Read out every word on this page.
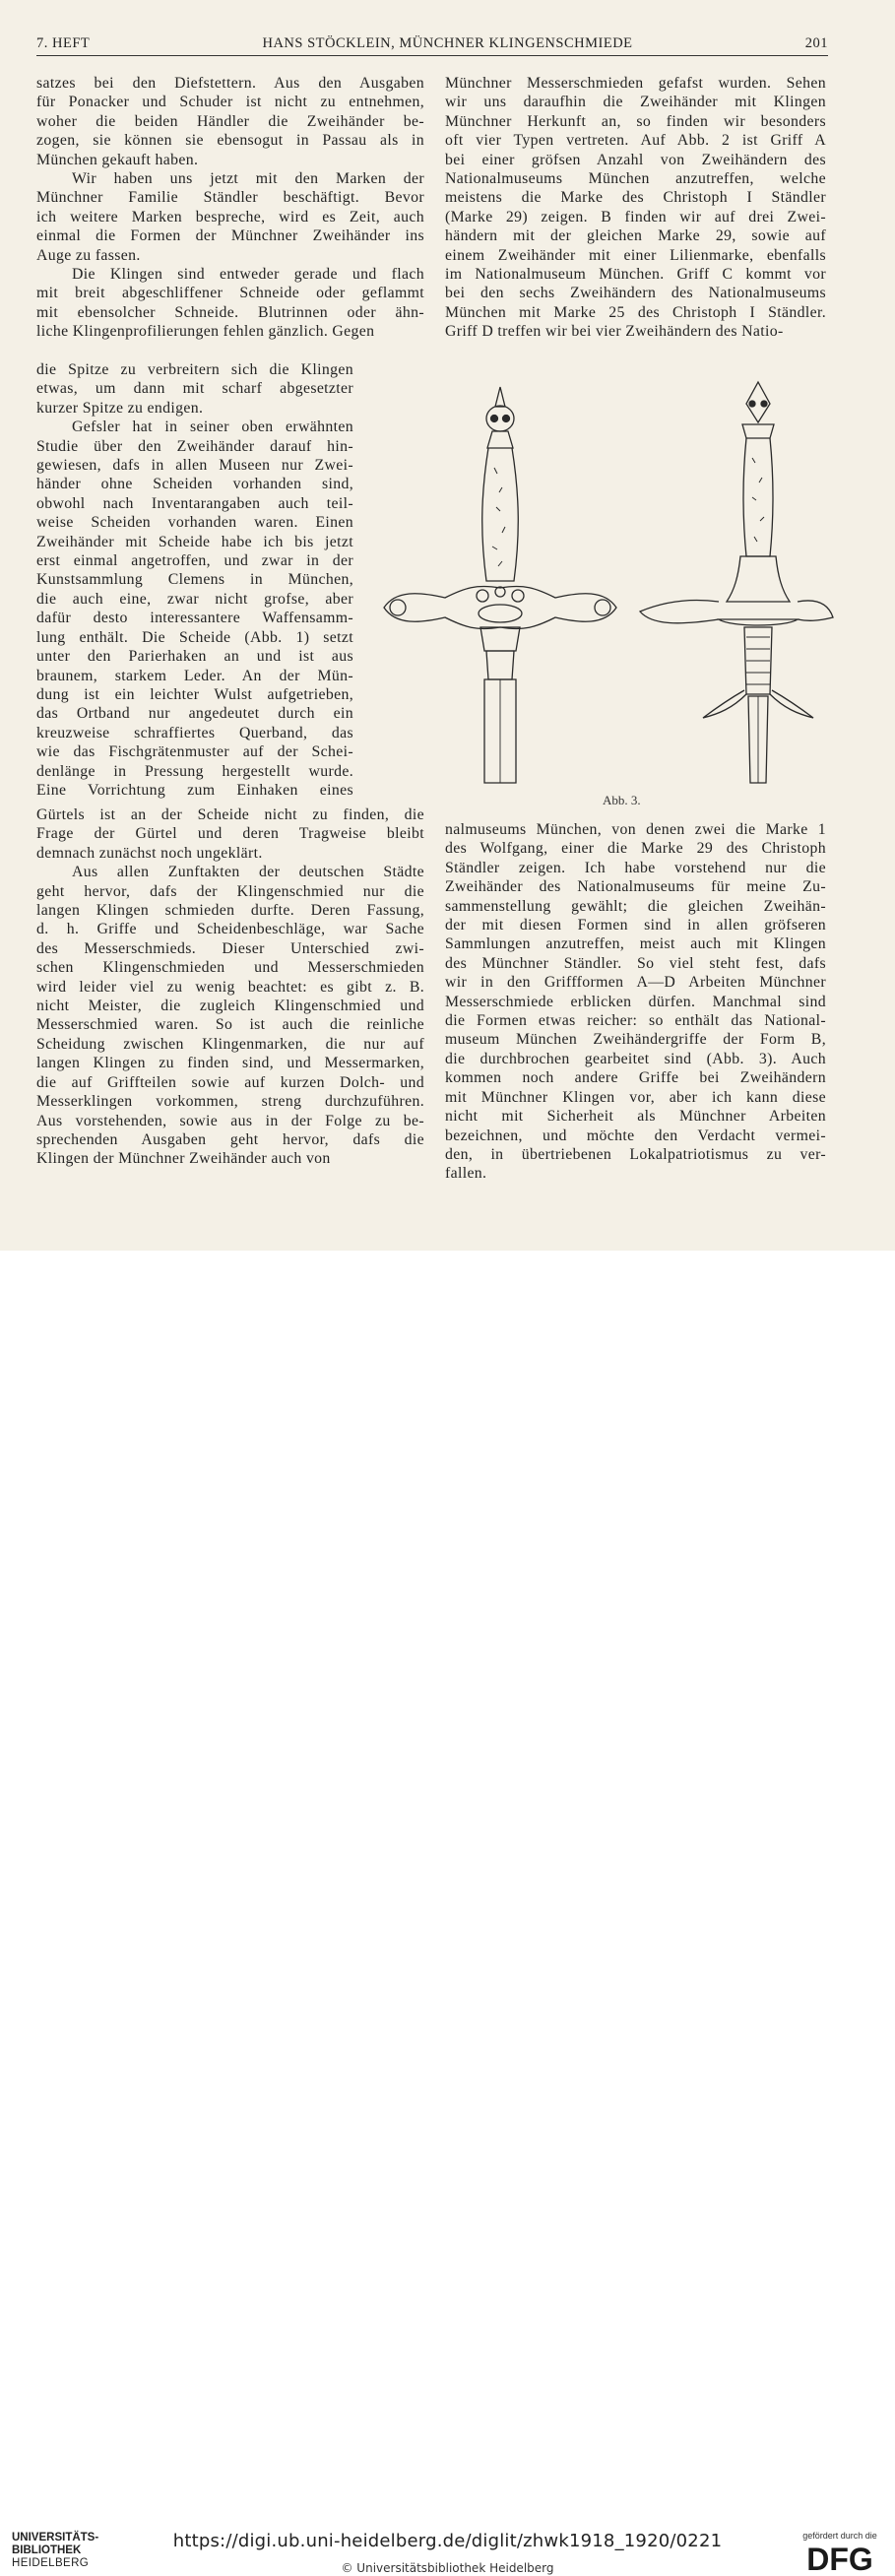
7. HEFT	HANS STÖCKLEIN, MÜNCHNER KLINGENSCHMIEDE	201
satzes bei den Diefstettern. Aus den Ausgaben
für Ponacker und Schuder ist nicht zu entnehmen,
woher die beiden Händler die Zweihänder be-
zogen, sie können sie ebensogut in Passau als in
München gekauft haben.
Wir haben uns jetzt mit den Marken der
Münchner Familie Ständler beschäftigt. Bevor
ich weitere Marken bespreche, wird es Zeit, auch
einmal die Formen der Münchner Zweihänder ins
Auge zu fassen.
Die Klingen sind entweder gerade und flach
mit breit abgeschliffener Schneide oder geflammt
mit ebensolcher Schneide. Blutrinnen oder ähn-
liche Klingenprofilierungen fehlen gänzlich. Gegen
die Spitze zu verbreitern sich die Klingen
etwas, um dann mit scharf abgesetzter
kurzer Spitze zu endigen.
Gefsler hat in seiner oben erwähnten
Studie über den Zweihänder darauf hin-
gewiesen, dafs in allen Museen nur Zwei-
händer ohne Scheiden vorhanden sind,
obwohl nach Inventarangaben auch teil-
weise Scheiden vorhanden waren. Einen
Zweihänder mit Scheide habe ich bis jetzt
erst einmal angetroffen, und zwar in der
Kunstsammlung Clemens in München,
die auch eine, zwar nicht grofse, aber
dafür desto interessantere Waffensamm-
lung enthält. Die Scheide (Abb. 1) setzt
unter den Parierhaken an und ist aus
braunem, starkem Leder. An der Mün-
dung ist ein leichter Wulst aufgetrieben,
das Ortband nur angedeutet durch ein
kreuzweise schraffiertes Querband, das
wie das Fischgrätenmuster auf der Schei-
denlänge in Pressung hergestellt wurde.
Eine Vorrichtung zum Einhaken eines
Gürtels ist an der Scheide nicht zu finden, die
Frage der Gürtel und deren Tragweise bleibt
demnach zunächst noch ungeklärt.
Aus allen Zunftakten der deutschen Städte
geht hervor, dafs der Klingenschmied nur die
langen Klingen schmieden durfte. Deren Fassung,
d. h. Griffe und Scheidenbeschläge, war Sache
des Messerschmieds. Dieser Unterschied zwi-
schen Klingenschmieden und Messerschmieden
wird leider viel zu wenig beachtet: es gibt z. B.
nicht Meister, die zugleich Klingenschmied und
Messerschmied waren. So ist auch die reinliche
Scheidung zwischen Klingenmarken, die nur auf
langen Klingen zu finden sind, und Messermarken,
die auf Griffteilen sowie auf kurzen Dolch- und
Messerklingen vorkommen, streng durchzuführen.
Aus vorstehenden, sowie aus in der Folge zu be-
sprechenden Ausgaben geht hervor, dafs die
Klingen der Münchner Zweihänder auch von
Münchner Messerschmieden gefafst wurden. Sehen
wir uns daraufhin die Zweihänder mit Klingen
Münchner Herkunft an, so finden wir besonders
oft vier Typen vertreten. Auf Abb. 2 ist Griff A
bei einer gröfsen Anzahl von Zweihändern des
Nationalmuseums München anzutreffen, welche
meistens die Marke des Christoph I Ständler
(Marke 29) zeigen. B finden wir auf drei Zwei-
händern mit der gleichen Marke 29, sowie auf
einem Zweihänder mit einer Lilienmarke, ebenfalls
im Nationalmuseum München. Griff C kommt vor
bei den sechs Zweihändern des Nationalmuseums
München mit Marke 25 des Christoph I Ständler.
Griff D treffen wir bei vier Zweihändern des Natio-
nalmuseums München, von denen zwei die Marke 1
des Wolfgang, einer die Marke 29 des Christoph
Ständler zeigen. Ich habe vorstehend nur die
Zweihänder des Nationalmuseums für meine Zu-
sammenstellung gewählt; die gleichen Zweihän-
der mit diesen Formen sind in allen gröfseren
Sammlungen anzutreffen, meist auch mit Klingen
des Münchner Ständler. So viel steht fest, dafs
wir in den Griffformen A—D Arbeiten Münchner
Messerschmiede erblicken dürfen. Manchmal sind
die Formen etwas reicher: so enthält das National-
museum München Zweihändergriffe der Form B,
die durchbrochen gearbeitet sind (Abb. 3). Auch
kommen noch andere Griffe bei Zweihändern
mit Münchner Klingen vor, aber ich kann diese
nicht mit Sicherheit als Münchner Arbeiten
bezeichnen, und möchte den Verdacht vermei-
den, in übertriebenen Lokalpatriotismus zu ver-
fallen.
Abb. 3.
UNIVERSITÄTS-
BIBLIOTHEK
HEIDELBERG
https://digi.ub.uni-heidelberg.de/diglit/zhwk1918_1920/0221
© Universitätsbibliothek Heidelberg
gefördert durch die
DFG
